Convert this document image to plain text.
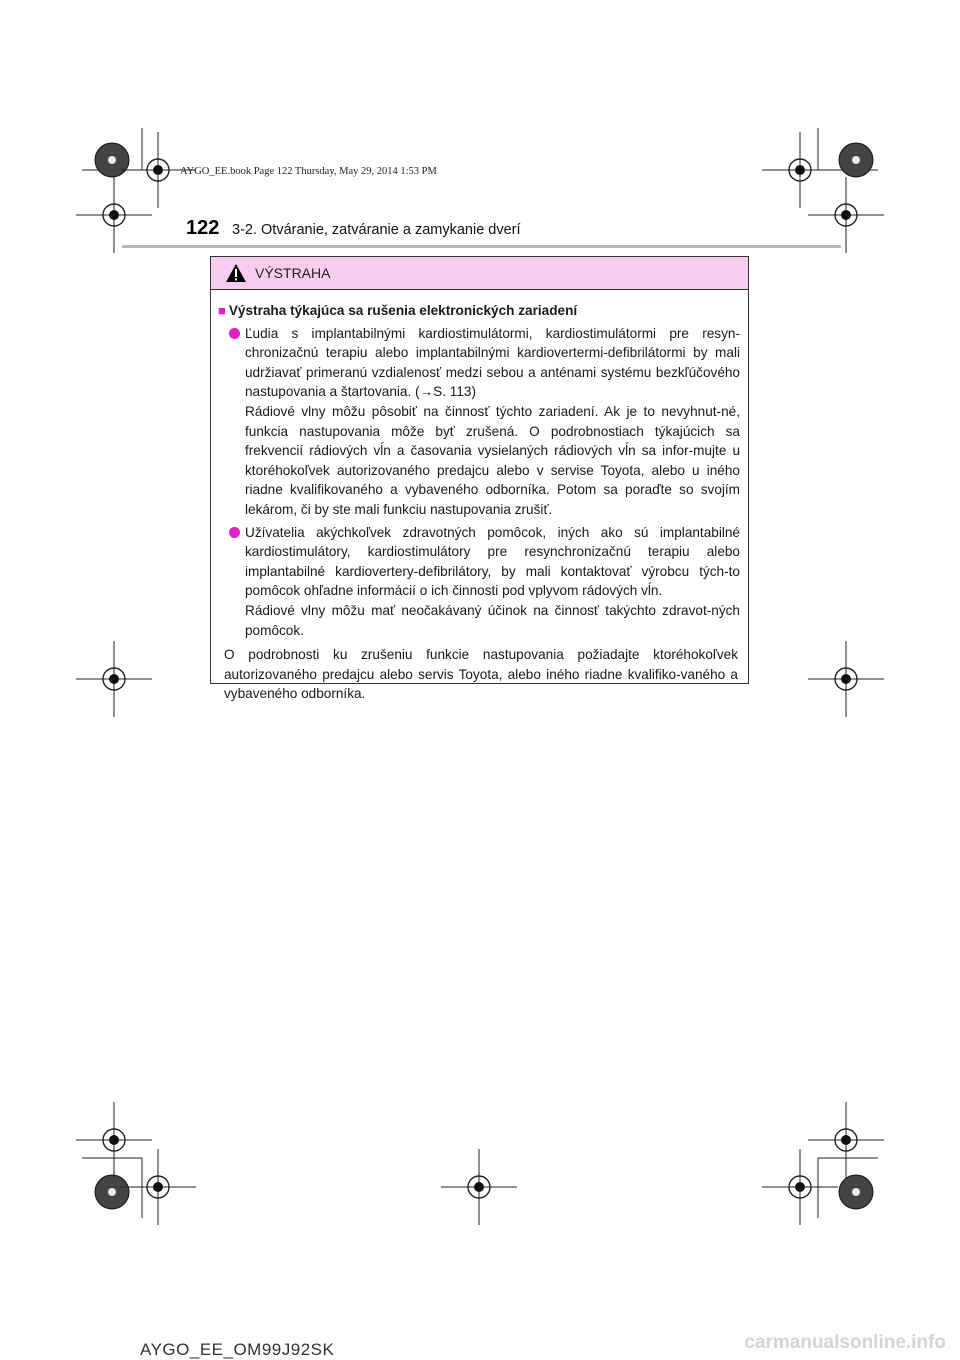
AYGO_EE.book Page 122 Thursday, May 29, 2014 1:53 PM
122 3-2. Otváranie, zatváranie a zamykanie dverí
VÝSTRAHA
■ Výstraha týkajúca sa rušenia elektronických zariadení

Ľudia s implantabilnými kardiostimulátormi, kardiostimulátormi pre resyn-chronizačnú terapiu alebo implantabilnými kardiovertermi-defibrilátormi by mali udržiavať primeranú vzdialenosť medzi sebou a anténami systému bezkľúčového nastupovania a štartovania. (→S. 113)

Rádiové vlny môžu pôsobiť na činnosť týchto zariadení. Ak je to nevyhnut-né, funkcia nastupovania môže byť zrušená. O podrobnostiach týkajúcich sa frekvencií rádiových vĺn a časovania vysielaných rádiových vĺn sa infor-mujte u ktoréhokoľvek autorizovaného predajcu alebo v servise Toyota, alebo u iného riadne kvalifikovaného a vybaveného odborníka. Potom sa poraďte so svojím lekárom, či by ste mali funkciu nastupovania zrušiť.

Užívatelia akýchkoľvek zdravotných pomôcok, iných ako sú implantabilné kardiostimulátory, kardiostimulátory pre resynchronizačnú terapiu alebo implantabilné kardiovertery-defibrilátory, by mali kontaktovať výrobcu tých-to pomôcok ohľadne informácií o ich činnosti pod vplyvom rádových vĺn.

Rádiové vlny môžu mať neočakávaný účinok na činnosť takýchto zdravot-ných pomôcok.

O podrobnosti ku zrušeniu funkcie nastupovania požiadajte ktoréhokoľvek autorizovaného predajcu alebo servis Toyota, alebo iného riadne kvalifiko-vaného a vybaveného odborníka.

AYGO_EE_OM99J92SK	carmanualsonline.info
